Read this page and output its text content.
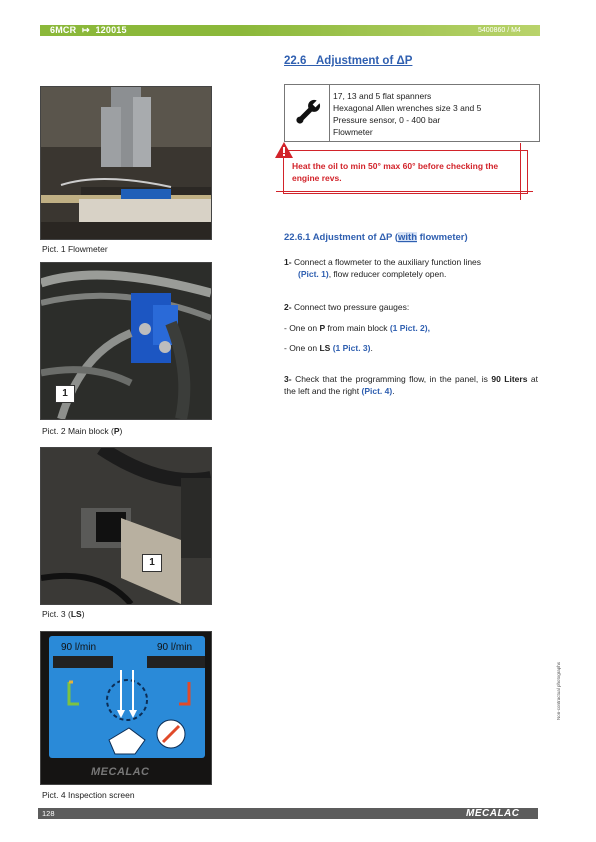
6MCR ↦ 120015	5400860 / M4
22.6 Adjustment of ΔP
17, 13 and 5 flat spanners
Hexagonal Allen wrenches size 3 and 5
Pressure sensor, 0 - 400 bar
Flowmeter
Heat the oil to min 50° max 60° before checking the engine revs.
22.6.1 Adjustment of ΔP (with flowmeter)
1- Connect a flowmeter to the auxiliary function lines
(Pict. 1), flow reducer completely open.
2- Connect two pressure gauges:
- One on P from main block (1 Pict. 2),
- One on LS (1 Pict. 3).
3- Check that the programming flow, in the panel, is 90 Liters at the left and the right (Pict. 4).
Pict. 1 Flowmeter
1
Pict. 2 Main block (P)
1
Pict. 3 (LS)
90 l/min	90 l/min
MECALAC
Pict. 4 Inspection screen
Non-contractual photographs
128	MECALAC
